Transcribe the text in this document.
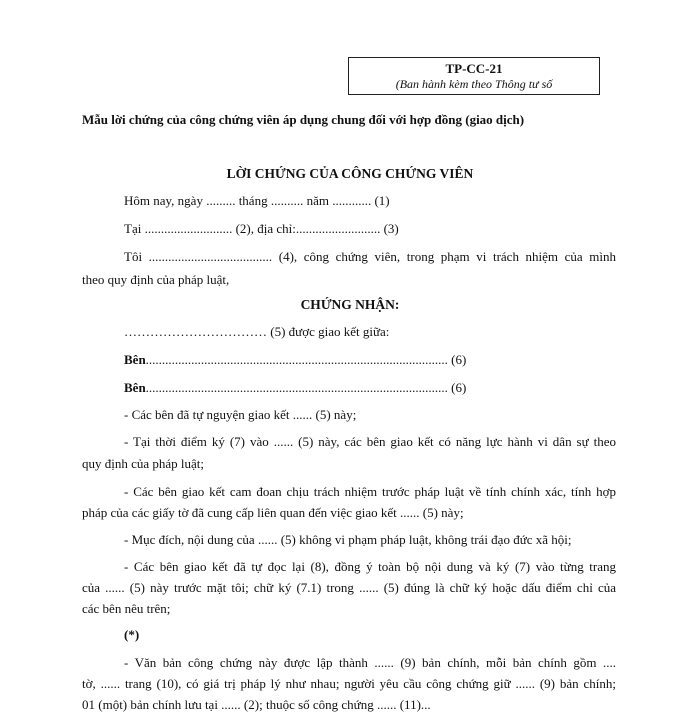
TP-CC-21
(Ban hành kèm theo Thông tư số
Mẫu lời chứng của công chứng viên áp dụng chung đối với hợp đồng (giao dịch)
LỜI CHỨNG CỦA CÔNG CHỨNG VIÊN
Hôm nay, ngày ......... tháng .......... năm ............ (1)
Tại ........................... (2), địa chỉ:.......................... (3)
Tôi ...................................... (4), công chứng viên, trong phạm vi trách nhiệm của mình
theo quy định của pháp luật,
CHỨNG NHẬN:
…………………………… (5) được giao kết giữa:
Bên............................................................................................. (6)
Bên............................................................................................. (6)
- Các bên đã tự nguyện giao kết ...... (5) này;
- Tại thời điểm ký (7) vào ...... (5) này, các bên giao kết có năng lực hành vi dân sự theo
quy định của pháp luật;
- Các bên giao kết cam đoan chịu trách nhiệm trước pháp luật về tính chính xác, tính hợp
pháp của các giấy tờ đã cung cấp liên quan đến việc giao kết ...... (5) này;
- Mục đích, nội dung của ...... (5) không vi phạm pháp luật, không trái đạo đức xã hội;
- Các bên giao kết đã tự đọc lại (8), đồng ý toàn bộ nội dung và ký (7) vào từng trang
của ...... (5) này trước mặt tôi; chữ ký (7.1) trong ...... (5) đúng là chữ ký hoặc dấu điểm chỉ của
các bên nêu trên;
(*)
- Văn bản công chứng này được lập thành ...... (9) bản chính, mỗi bản chính gồm ....
tờ, ...... trang (10), có giá trị pháp lý như nhau; người yêu cầu công chứng giữ ...... (9) bản chính;
01 (một) bản chính lưu tại ...... (2); thuộc số công chứng ...... (11)...
